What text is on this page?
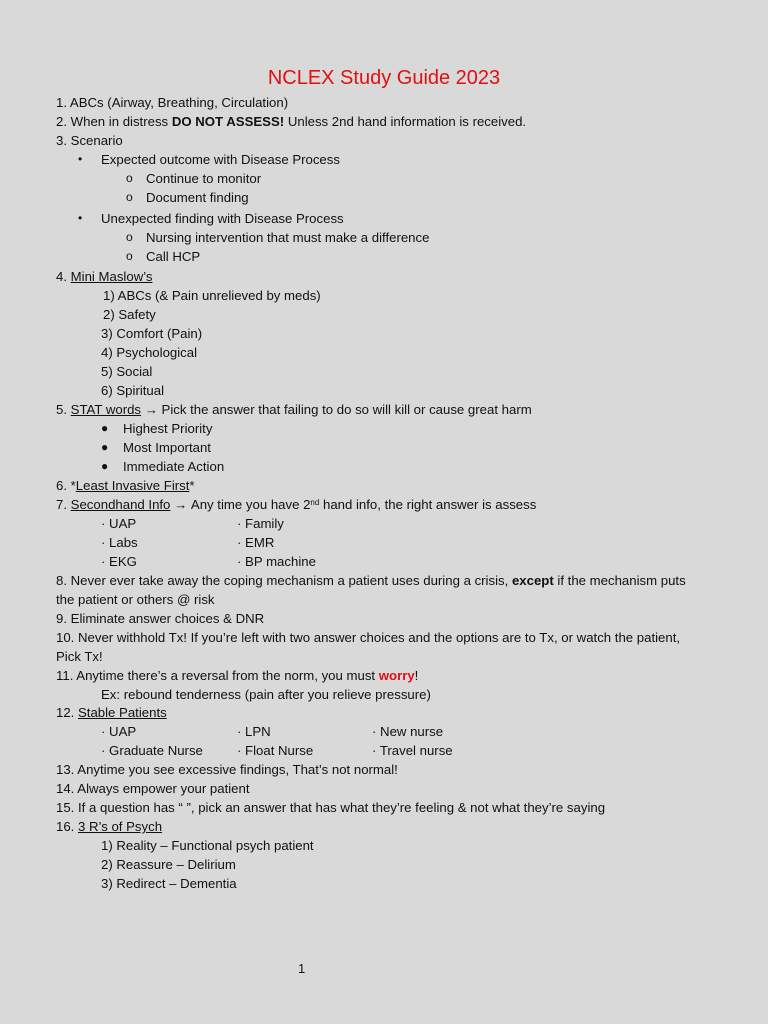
NCLEX Study Guide 2023
1. ABCs (Airway, Breathing, Circulation)
2. When in distress DO NOT ASSESS! Unless 2nd hand information is received.
3. Scenario
• Expected outcome with Disease Process
o Continue to monitor
o Document finding
• Unexpected finding with Disease Process
o Nursing intervention that must make a difference
o Call HCP
4. Mini Maslow’s
1) ABCs (& Pain unrelieved by meds)
2) Safety
3) Comfort (Pain)
4) Psychological
5) Social
6) Spiritual
5. STAT words → Pick the answer that failing to do so will kill or cause great harm
● Highest Priority
● Most Important
● Immediate Action
6. *Least Invasive First*
7. Secondhand Info → Any time you have 2nd hand info, the right answer is assess
· UAP
· Labs
· EKG
· Family
· EMR
· BP machine
8. Never ever take away the coping mechanism a patient uses during a crisis, except if the mechanism puts
the patient or others @ risk
9. Eliminate answer choices & DNR
10. Never withhold Tx! If you’re left with two answer choices and the options are to Tx, or watch the patient,
Pick Tx!
11. Anytime there’s a reversal from the norm, you must worry!
Ex: rebound tenderness (pain after you relieve pressure)
12. Stable Patients
· UAP
· Graduate Nurse
· LPN
· Float Nurse
· New nurse
· Travel nurse
13. Anytime you see excessive findings, That’s not normal!
14. Always empower your patient
15. If a question has “ ”, pick an answer that has what they’re feeling & not what they’re saying
16. 3 R’s of Psych
1) Reality – Functional psych patient
2) Reassure – Delirium
3) Redirect – Dementia
1
